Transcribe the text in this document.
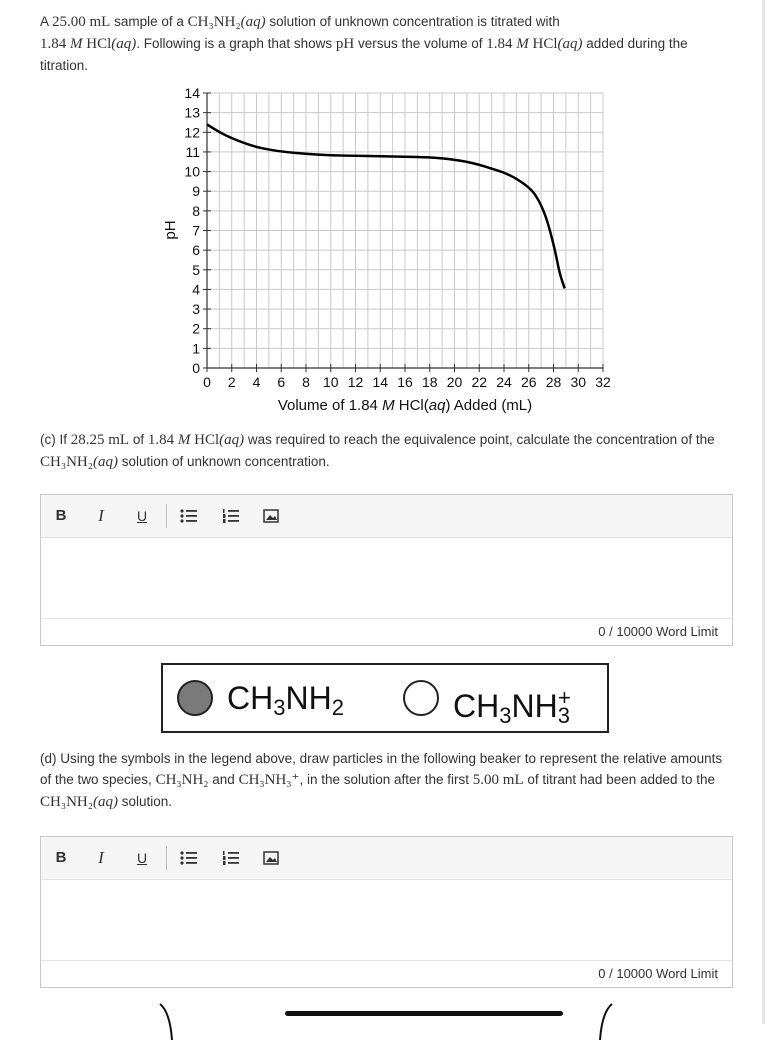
A 25.00 mL sample of a CH₃NH₂(aq) solution of unknown concentration is titrated with
1.84 M HCl(aq). Following is a graph that shows pH versus the volume of 1.84 M HCl(aq) added during the titration.

0 2 4 6 8 10 12 14 16 18 20 22 24 26 28 30 32
0
1
2
3
4
5
6
7
8
9
10
11
12
13
14
pH
Volume of 1.84 M HCl(aq) Added (mL)

(c) If 28.25 mL of 1.84 M HCl(aq) was required to reach the equivalence point, calculate the concentration of the CH₃NH₂(aq) solution of unknown concentration.

B	I	U
0 / 10000 Word Limit
$CH_3NH_2$	$CH_3NH_3^+$

(d) Using the symbols in the legend above, draw particles in the following beaker to represent the relative amounts of the two species, CH₃NH₂ and CH₃NH₃⁺, in the solution after the first 5.00 mL of titrant had been added to the CH₃NH₂(aq) solution.

B	I	U
0 / 10000 Word Limit
